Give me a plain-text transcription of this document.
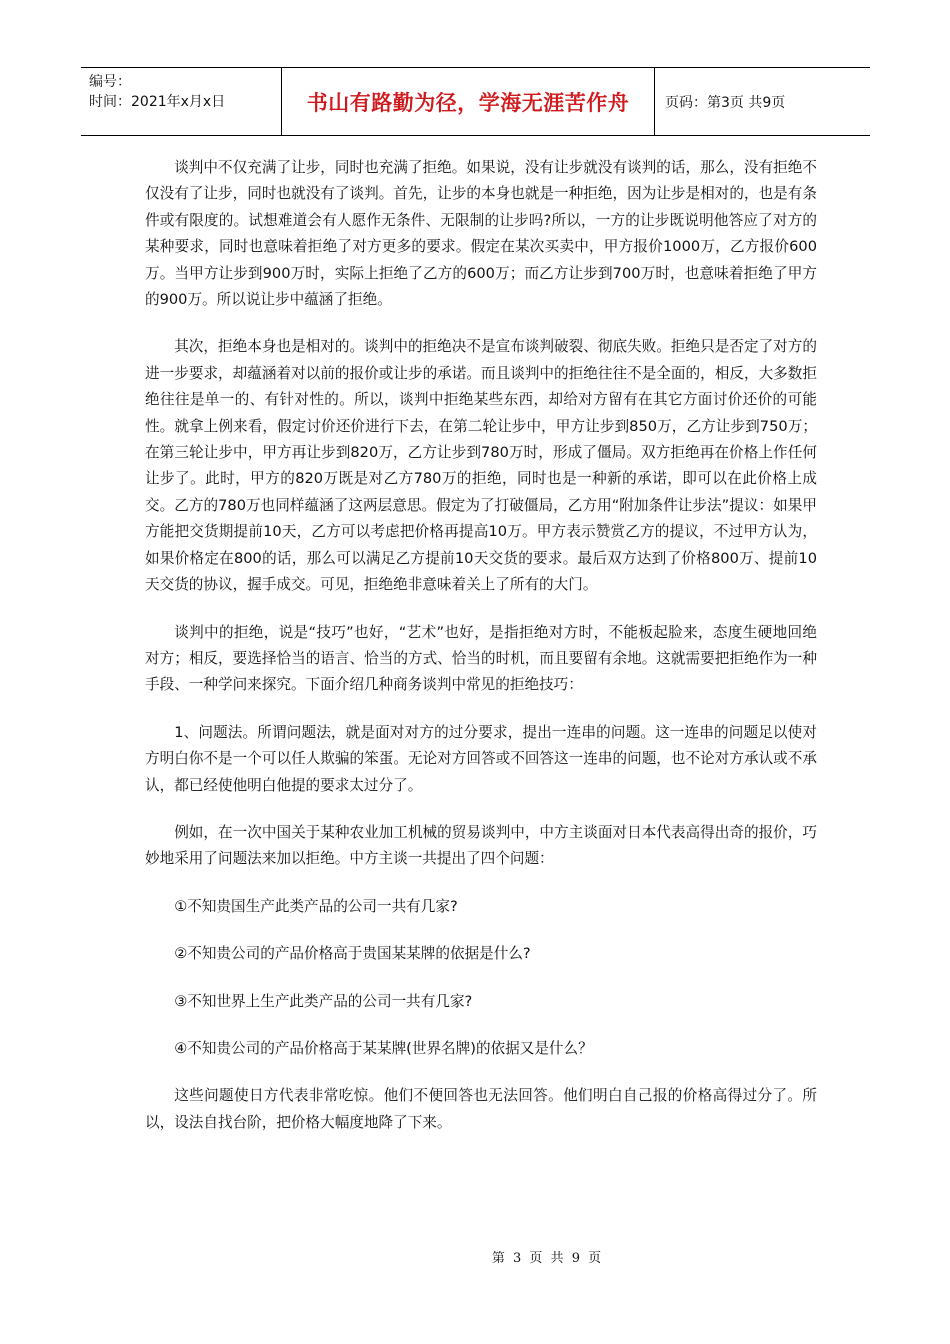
编号：
时间：2021年x月x日	书山有路勤为径，学海无涯苦作舟	页码：第3页 共9页

谈判中不仅充满了让步，同时也充满了拒绝。如果说，没有让步就没有谈判的话，那么，没有拒绝不仅没有了让步，同时也就没有了谈判。首先，让步的本身也就是一种拒绝，因为让步是相对的，也是有条件或有限度的。试想难道会有人愿作无条件、无限制的让步吗?所以，一方的让步既说明他答应了对方的某种要求，同时也意味着拒绝了对方更多的要求。假定在某次买卖中，甲方报价1000万，乙方报价600万。当甲方让步到900万时，实际上拒绝了乙方的600万；而乙方让步到700万时，也意味着拒绝了甲方的900万。所以说让步中蕴涵了拒绝。

其次，拒绝本身也是相对的。谈判中的拒绝决不是宣布谈判破裂、彻底失败。拒绝只是否定了对方的进一步要求，却蕴涵着对以前的报价或让步的承诺。而且谈判中的拒绝往往不是全面的，相反，大多数拒绝往往是单一的、有针对性的。所以，谈判中拒绝某些东西，却给对方留有在其它方面讨价还价的可能性。就拿上例来看，假定讨价还价进行下去，在第二轮让步中，甲方让步到850万，乙方让步到750万；在第三轮让步中，甲方再让步到820万，乙方让步到780万时，形成了僵局。双方拒绝再在价格上作任何让步了。此时，甲方的820万既是对乙方780万的拒绝，同时也是一种新的承诺，即可以在此价格上成交。乙方的780万也同样蕴涵了这两层意思。假定为了打破僵局，乙方用“附加条件让步法”提议：如果甲方能把交货期提前10天，乙方可以考虑把价格再提高10万。甲方表示赞赏乙方的提议，不过甲方认为，如果价格定在800的话，那么可以满足乙方提前10天交货的要求。最后双方达到了价格800万、提前10天交货的协议，握手成交。可见，拒绝绝非意味着关上了所有的大门。

谈判中的拒绝，说是“技巧”也好，“艺术”也好，是指拒绝对方时，不能板起脸来，态度生硬地回绝对方；相反，要选择恰当的语言、恰当的方式、恰当的时机，而且要留有余地。这就需要把拒绝作为一种手段、一种学问来探究。下面介绍几种商务谈判中常见的拒绝技巧：

1、问题法。所谓问题法，就是面对对方的过分要求，提出一连串的问题。这一连串的问题足以使对方明白你不是一个可以任人欺骗的笨蛋。无论对方回答或不回答这一连串的问题，也不论对方承认或不承认，都已经使他明白他提的要求太过分了。

例如，在一次中国关于某种农业加工机械的贸易谈判中，中方主谈面对日本代表高得出奇的报价，巧妙地采用了问题法来加以拒绝。中方主谈一共提出了四个问题：

①不知贵国生产此类产品的公司一共有几家?

②不知贵公司的产品价格高于贵国某某牌的依据是什么?

③不知世界上生产此类产品的公司一共有几家?

④不知贵公司的产品价格高于某某牌(世界名牌)的依据又是什么？

这些问题使日方代表非常吃惊。他们不便回答也无法回答。他们明白自己报的价格高得过分了。所以，设法自找台阶，把价格大幅度地降了下来。

第 3 页 共 9 页
